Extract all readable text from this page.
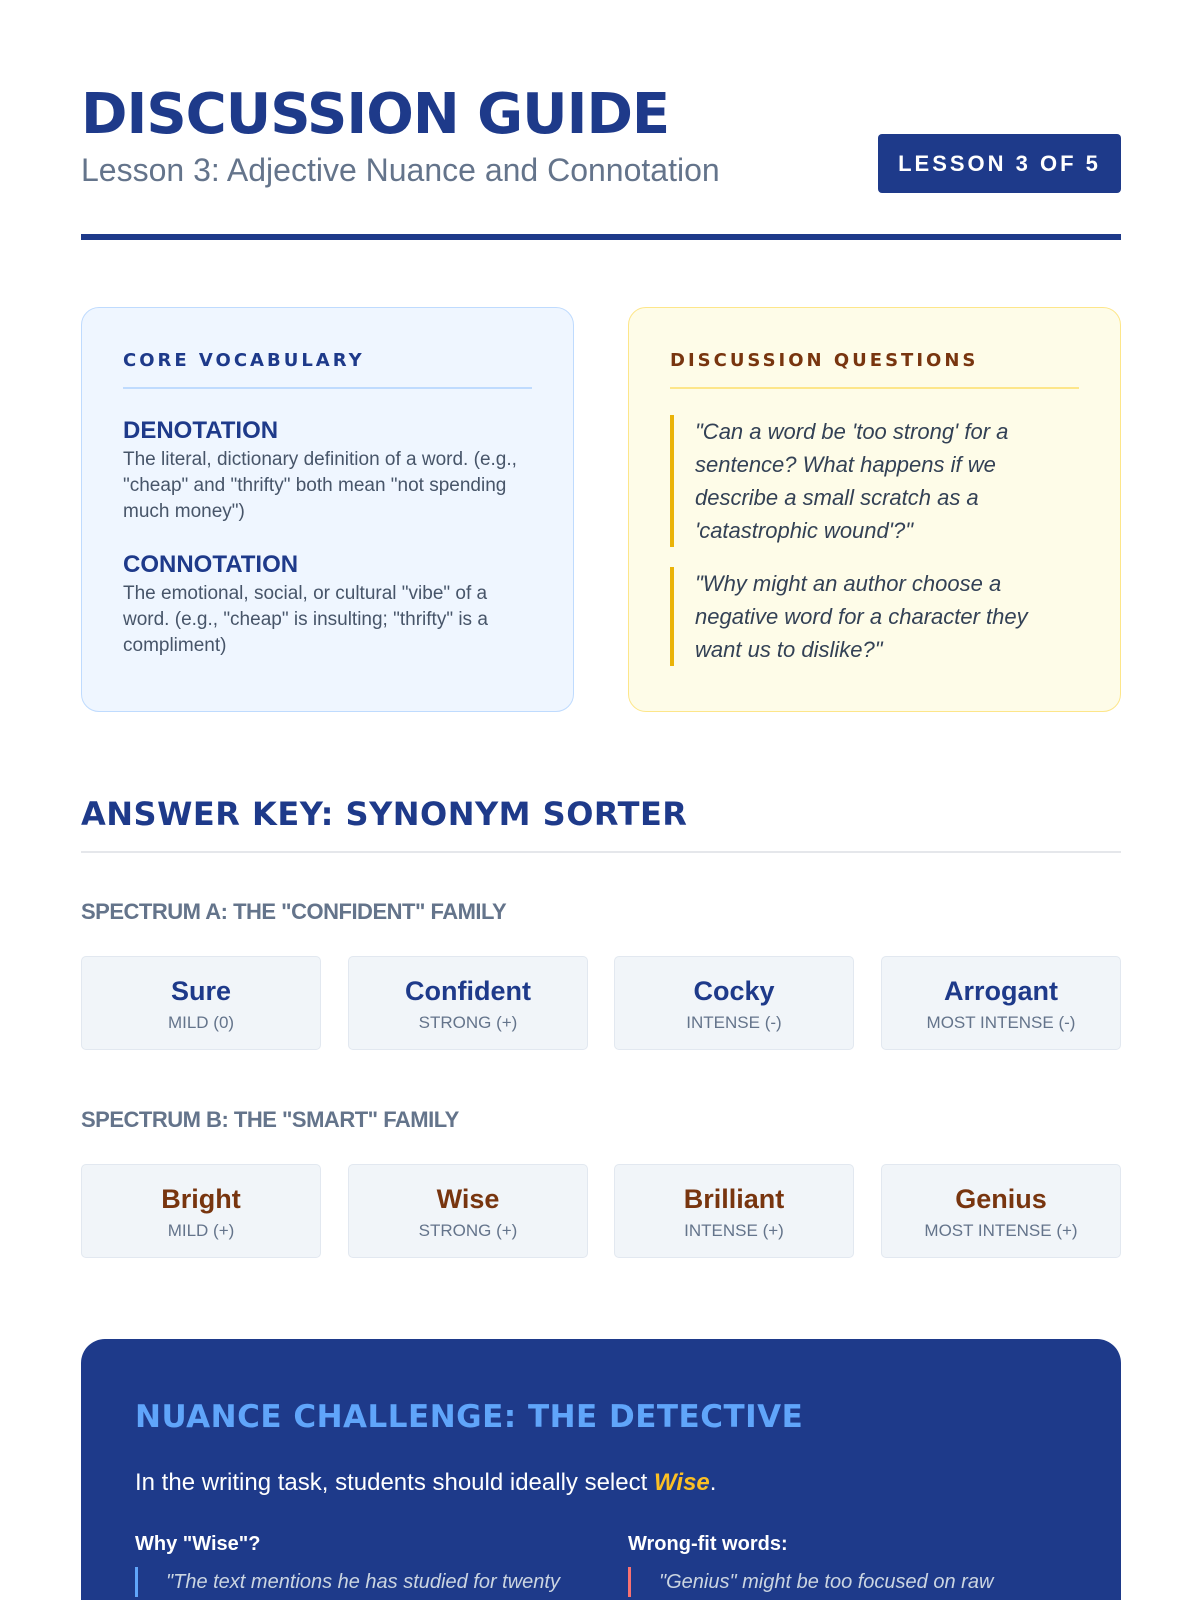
DISCUSSION GUIDE
Lesson 3: Adjective Nuance and Connotation	LESSON 3 OF 5
CORE VOCABULARY
DENOTATION
The literal, dictionary definition of a word. (e.g., "cheap" and "thrifty" both mean "not spending much money")
CONNOTATION
The emotional, social, or cultural "vibe" of a word. (e.g., "cheap" is insulting; "thrifty" is a compliment)
DISCUSSION QUESTIONS
"Can a word be 'too strong' for a sentence? What happens if we describe a small scratch as a 'catastrophic wound'?"
"Why might an author choose a negative word for a character they want us to dislike?"
ANSWER KEY: SYNONYM SORTER
SPECTRUM A: THE "CONFIDENT" FAMILY
Sure
MILD (0)
Confident
STRONG (+)
Cocky
INTENSE (-)
Arrogant
MOST INTENSE (-)
SPECTRUM B: THE "SMART" FAMILY
Bright
MILD (+)
Wise
STRONG (+)
Brilliant
INTENSE (+)
Genius
MOST INTENSE (+)
NUANCE CHALLENGE: THE DETECTIVE
In the writing task, students should ideally select Wise.
Why "Wise"?
"The text mentions he has studied for twenty
Wrong-fit words:
"Genius" might be too focused on raw
